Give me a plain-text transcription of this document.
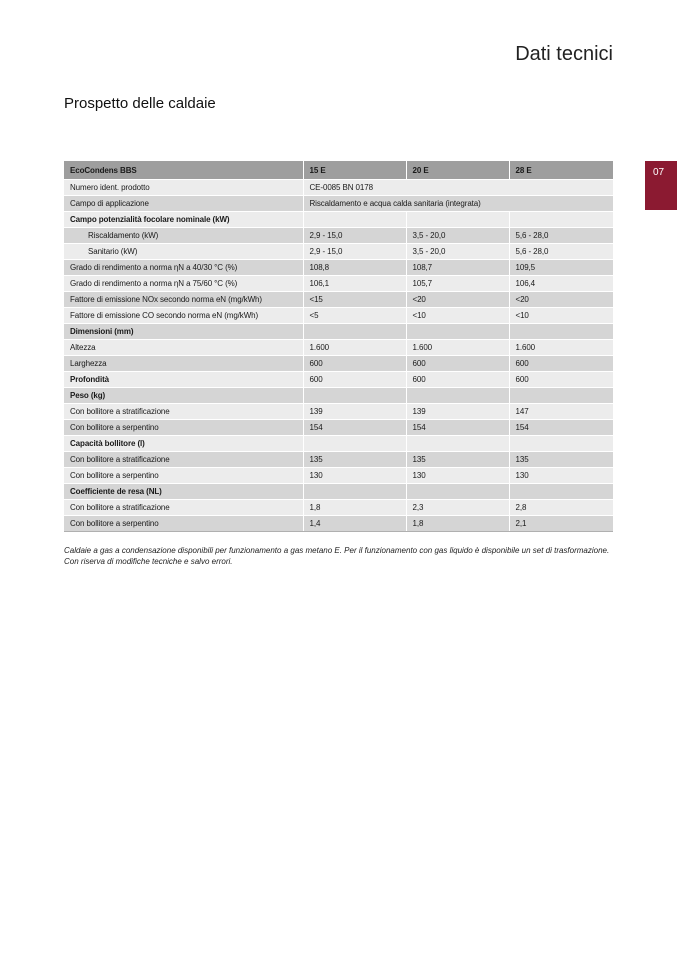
Dati tecnici
Prospetto delle caldaie
07
EcoCondens BBS	15 E	20 E	28 E
Numero ident. prodotto	CE-0085 BN 0178		
Campo di applicazione	Riscaldamento e acqua calda sanitaria (integrata)		
Campo potenzialità focolare nominale (kW)			
Riscaldamento (kW)	2,9 - 15,0	3,5 - 20,0	5,6 - 28,0
Sanitario (kW)	2,9 - 15,0	3,5 - 20,0	5,6 - 28,0
Grado di rendimento a norma ηN a 40/30 °C (%)	108,8	108,7	109,5
Grado di rendimento a norma ηN a 75/60 °C (%)	106,1	105,7	106,4
Fattore di emissione NOx secondo norma eN (mg/kWh)	<15	<20	<20
Fattore di emissione CO secondo norma eN (mg/kWh)	<5	<10	<10
Dimensioni (mm)			
Altezza	1.600	1.600	1.600
Larghezza	600	600	600
Profondità	600	600	600
Peso (kg)			
Con bollitore a stratificazione	139	139	147
Con bollitore a serpentino	154	154	154
Capacità bollitore (l)			
Con bollitore a stratificazione	135	135	135
Con bollitore a serpentino	130	130	130
Coefficiente de resa (NL)			
Con bollitore a stratificazione	1,8	2,3	2,8
Con bollitore a serpentino	1,4	1,8	2,1

Caldaie a gas a condensazione disponibili per funzionamento a gas metano E. Per il funzionamento con gas liquido è disponibile un set di trasformazione.

Con riserva di modifiche tecniche e salvo errori.
